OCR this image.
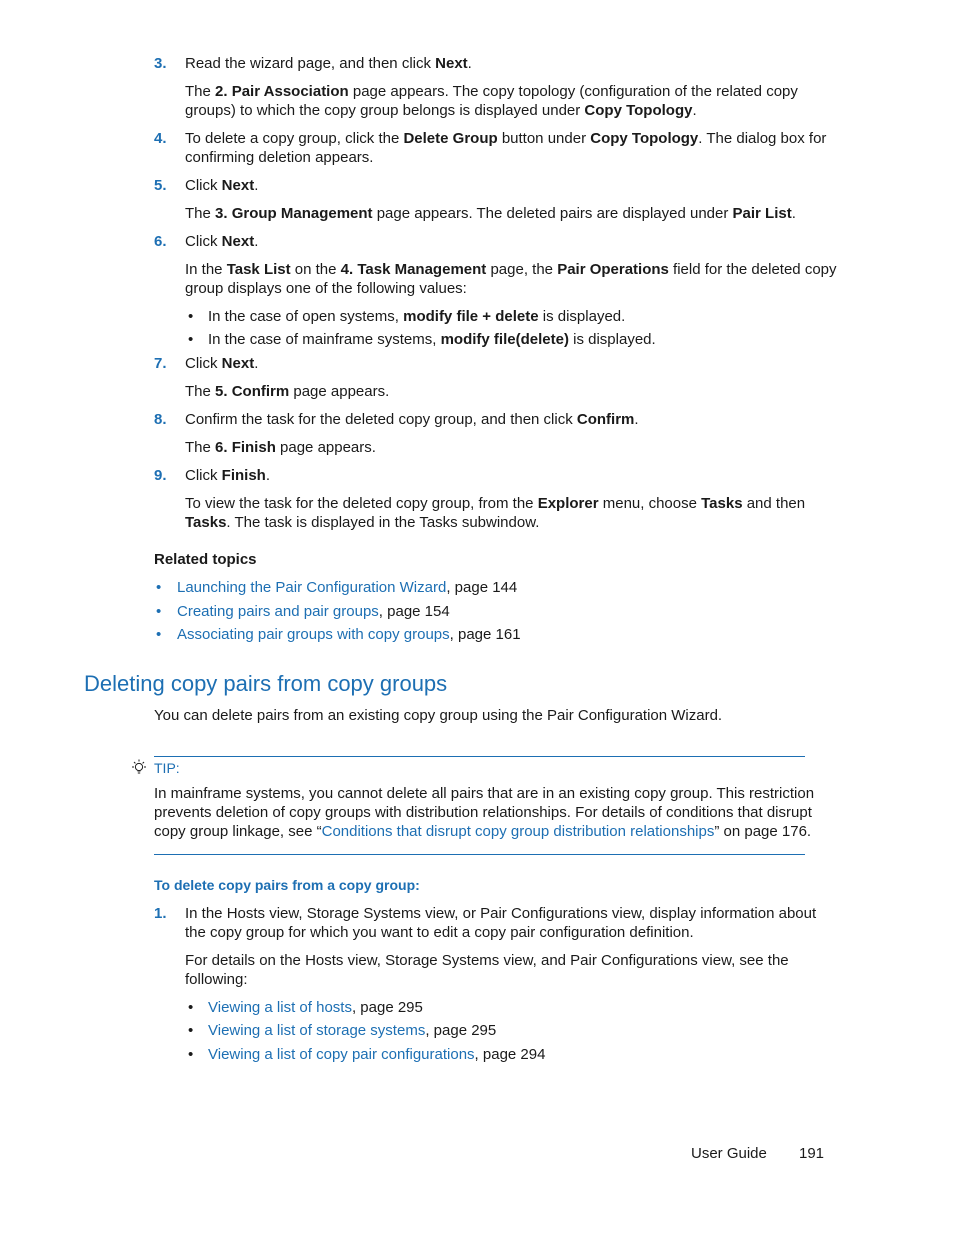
3. Read the wizard page, and then click Next.
The 2. Pair Association page appears. The copy topology (configuration of the related copy
groups) to which the copy group belongs is displayed under Copy Topology.
4. To delete a copy group, click the Delete Group button under Copy Topology. The dialog box for
confirming deletion appears.
5. Click Next.
The 3. Group Management page appears. The deleted pairs are displayed under Pair List.
6. Click Next.
In the Task List on the 4. Task Management page, the Pair Operations field for the deleted copy
group displays one of the following values:
• In the case of open systems, modify file + delete is displayed.
• In the case of mainframe systems, modify file(delete) is displayed.
7. Click Next.
The 5. Confirm page appears.
8. Confirm the task for the deleted copy group, and then click Confirm.
The 6. Finish page appears.
9. Click Finish.
To view the task for the deleted copy group, from the Explorer menu, choose Tasks and then
Tasks. The task is displayed in the Tasks subwindow.
Related topics
• Launching the Pair Configuration Wizard, page 144
• Creating pairs and pair groups, page 154
• Associating pair groups with copy groups, page 161
Deleting copy pairs from copy groups
You can delete pairs from an existing copy group using the Pair Configuration Wizard.
TIP:
In mainframe systems, you cannot delete all pairs that are in an existing copy group. This restriction
prevents deletion of copy groups with distribution relationships. For details of conditions that disrupt
copy group linkage, see “Conditions that disrupt copy group distribution relationships” on page 176.
To delete copy pairs from a copy group:
1. In the Hosts view, Storage Systems view, or Pair Configurations view, display information about
the copy group for which you want to edit a copy pair configuration definition.
For details on the Hosts view, Storage Systems view, and Pair Configurations view, see the
following:
• Viewing a list of hosts, page 295
• Viewing a list of storage systems, page 295
• Viewing a list of copy pair configurations, page 294
User Guide 191
